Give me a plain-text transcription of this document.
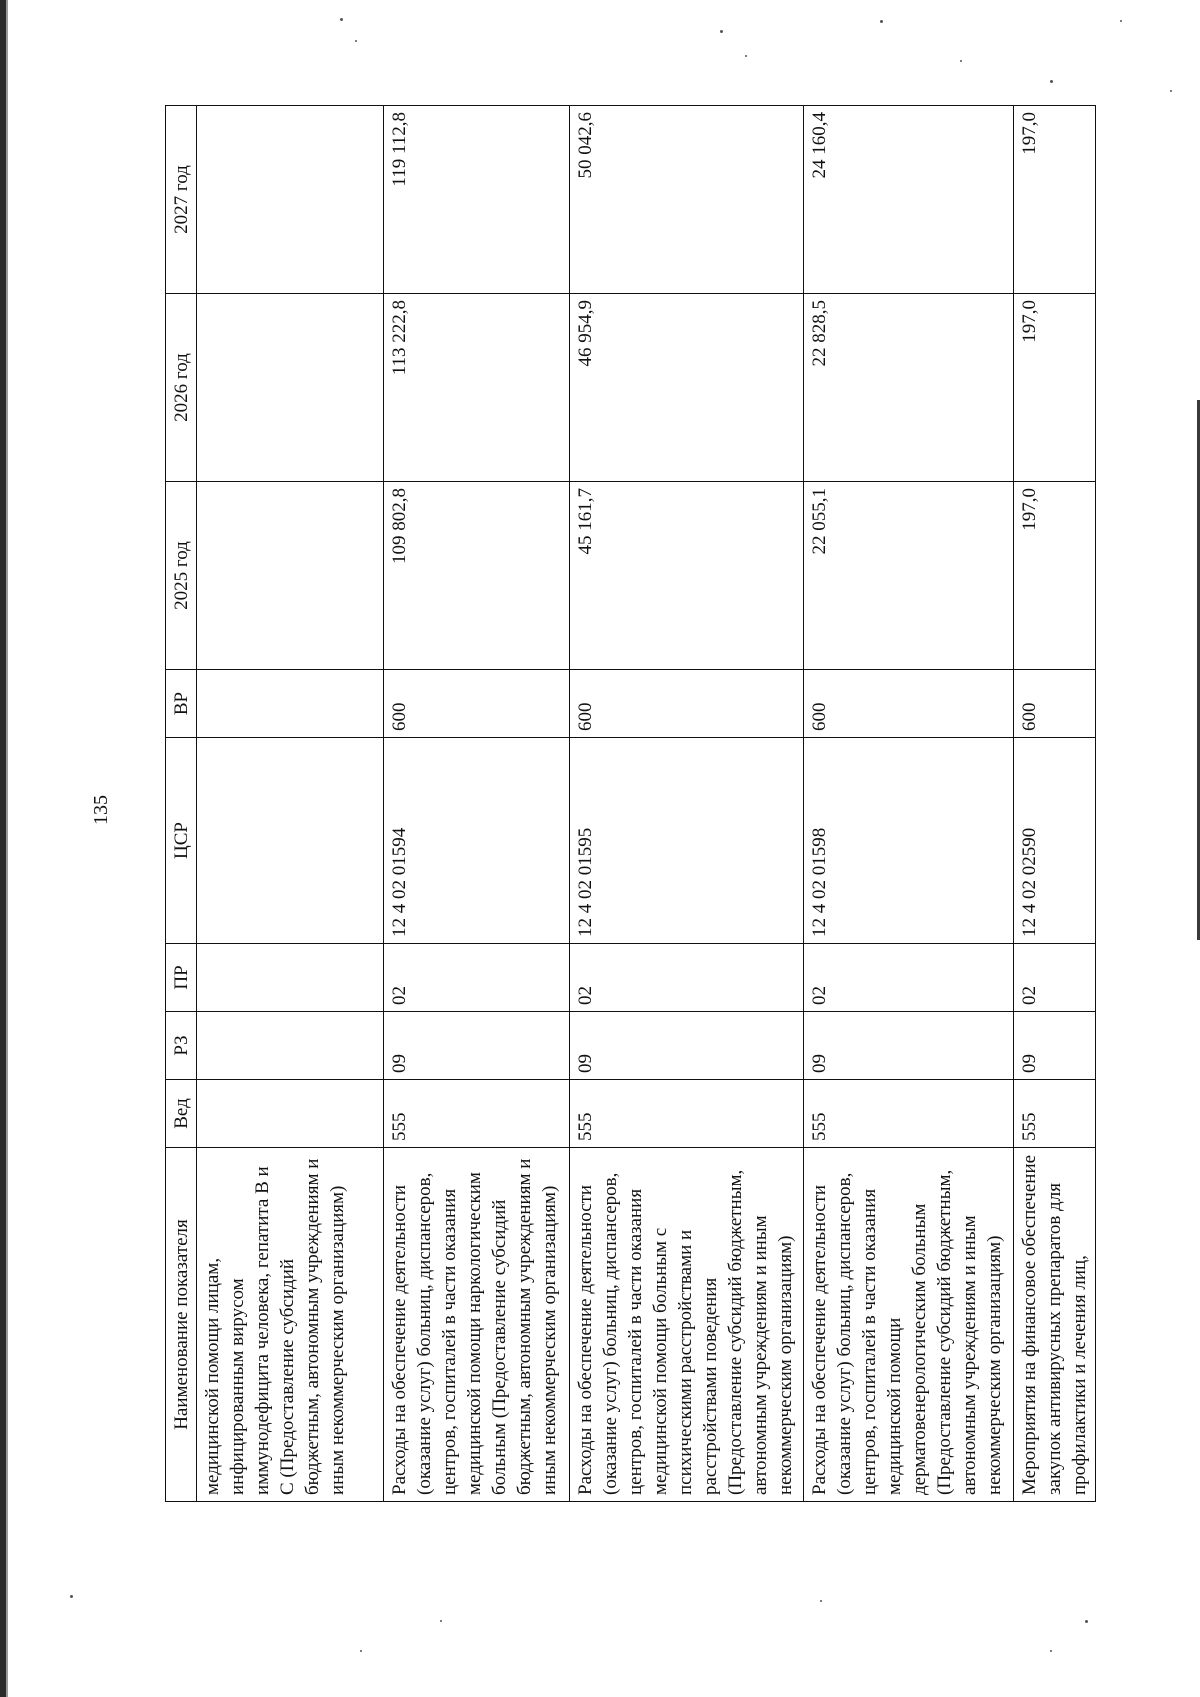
135
Наименование показателя	Вед	РЗ	ПР	ЦСР	ВР	2025 год	2026 год	2027 год
медицинской помощи лицам, инфицированным вирусом иммунодефицита человека, гепатита B и C (Предоставление субсидий бюджетным, автономным учреждениям и иным некоммерческим организациям)								
Расходы на обеспечение деятельности (оказание услуг) больниц, диспансеров, центров, госпиталей в части оказания медицинской помощи наркологическим больным (Предоставление субсидий бюджетным, автономным учреждениям и иным некоммерческим организациям)	555	09	02	12 4 02 01594	600	109 802,8	113 222,8	119 112,8
Расходы на обеспечение деятельности (оказание услуг) больниц, диспансеров, центров, госпиталей в части оказания медицинской помощи больным с психическими расстройствами и расстройствами поведения (Предоставление субсидий бюджетным, автономным учреждениям и иным некоммерческим организациям)	555	09	02	12 4 02 01595	600	45 161,7	46 954,9	50 042,6
Расходы на обеспечение деятельности (оказание услуг) больниц, диспансеров, центров, госпиталей в части оказания медицинской помощи дерматовенерологическим больным (Предоставление субсидий бюджетным, автономным учреждениям и иным некоммерческим организациям)	555	09	02	12 4 02 01598	600	22 055,1	22 828,5	24 160,4
Мероприятия на финансовое обеспечение закупок антивирусных препаратов для профилактики и лечения лиц,	555	09	02	12 4 02 02590	600	197,0	197,0	197,0
